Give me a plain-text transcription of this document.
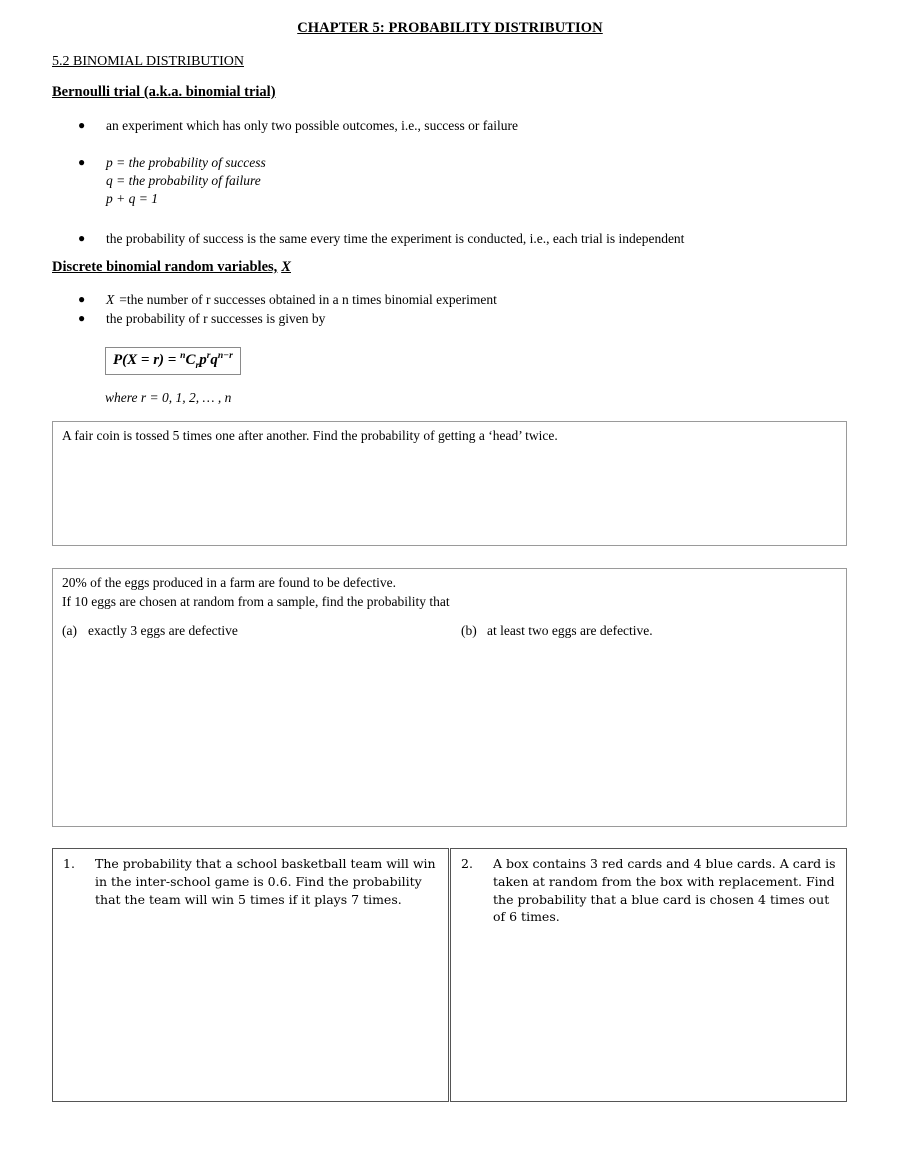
CHAPTER 5: PROBABILITY DISTRIBUTION
5.2 BINOMIAL DISTRIBUTION
Bernoulli trial (a.k.a. binomial trial)
● an experiment which has only two possible outcomes, i.e., success or failure
● p = the probability of success
q = the probability of failure
p + q = 1
● the probability of success is the same every time the experiment is conducted, i.e., each trial is independent
Discrete binomial random variables, X
● X =the number of r successes obtained in a n times binomial experiment
● the probability of r successes is given by
$P(X = r) = ^nC_rp^rq^{n-r}$
where r = 0, 1, 2, … , n
A fair coin is tossed 5 times one after another. Find the probability of getting a ‘head’ twice.
20% of the eggs produced in a farm are found to be defective.
If 10 eggs are chosen at random from a sample, find the probability that
(a) exactly 3 eggs are defective	(b) at least two eggs are defective.
1. The probability that a school basketball team will win in the inter-school game is 0.6. Find the probability that the team will win 5 times if it plays 7 times.
2. A box contains 3 red cards and 4 blue cards. A card is taken at random from the box with replacement. Find the probability that a blue card is chosen 4 times out of 6 times.
